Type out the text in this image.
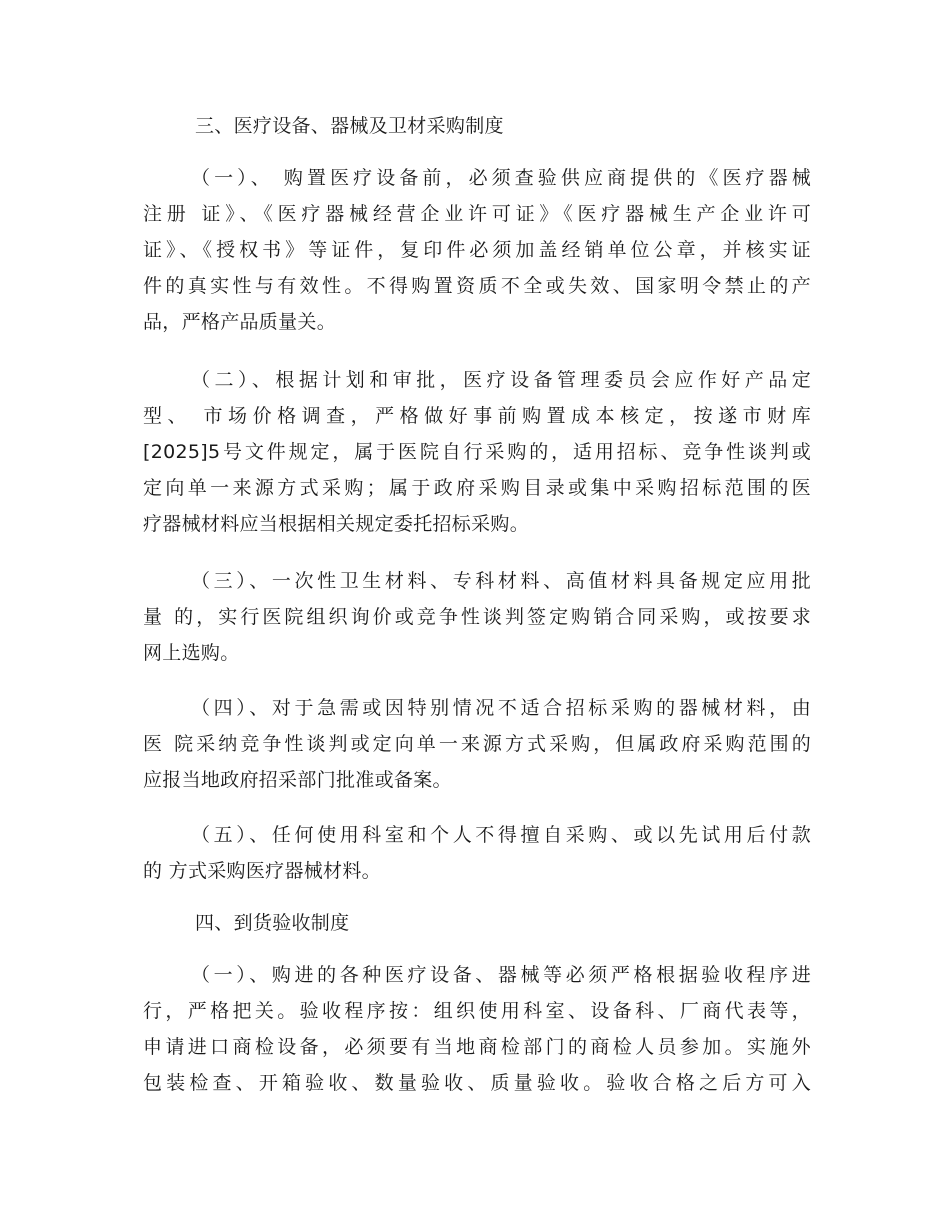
三、医疗设备、器械及卫材采购制度
（一）、 购置医疗设备前，必须查验供应商提供的《医疗器械
注册 证》、《医疗器械经营企业许可证》《医疗器械生产企业许可
证》、《授权书》等证件，复印件必须加盖经销单位公章，并核实证
件的真实性与有效性。不得购置资质不全或失效、国家明令禁止的产
品，严格产品质量关。
（二）、根据计划和审批，医疗设备管理委员会应作好产品定
型、 市场价格调查，严格做好事前购置成本核定，按遂市财库
[2025]5号文件规定，属于医院自行采购的，适用招标、竞争性谈判或
定向单一来源方式采购；属于政府采购目录或集中采购招标范围的医
疗器械材料应当根据相关规定委托招标采购。
（三）、一次性卫生材料、专科材料、高值材料具备规定应用批
量 的，实行医院组织询价或竞争性谈判签定购销合同采购，或按要求
网上选购。
（四）、对于急需或因特别情况不适合招标采购的器械材料，由
医 院采纳竞争性谈判或定向单一来源方式采购，但属政府采购范围的
应报当地政府招采部门批准或备案。
（五）、任何使用科室和个人不得擅自采购、或以先试用后付款
的 方式采购医疗器械材料。
四、到货验收制度
（一）、购进的各种医疗设备、器械等必须严格根据验收程序进
行，严格把关。验收程序按：组织使用科室、设备科、厂商代表等，
申请进口商检设备，必须要有当地商检部门的商检人员参加。实施外
包装检查、开箱验收、数量验收、质量验收。验收合格之后方可入
